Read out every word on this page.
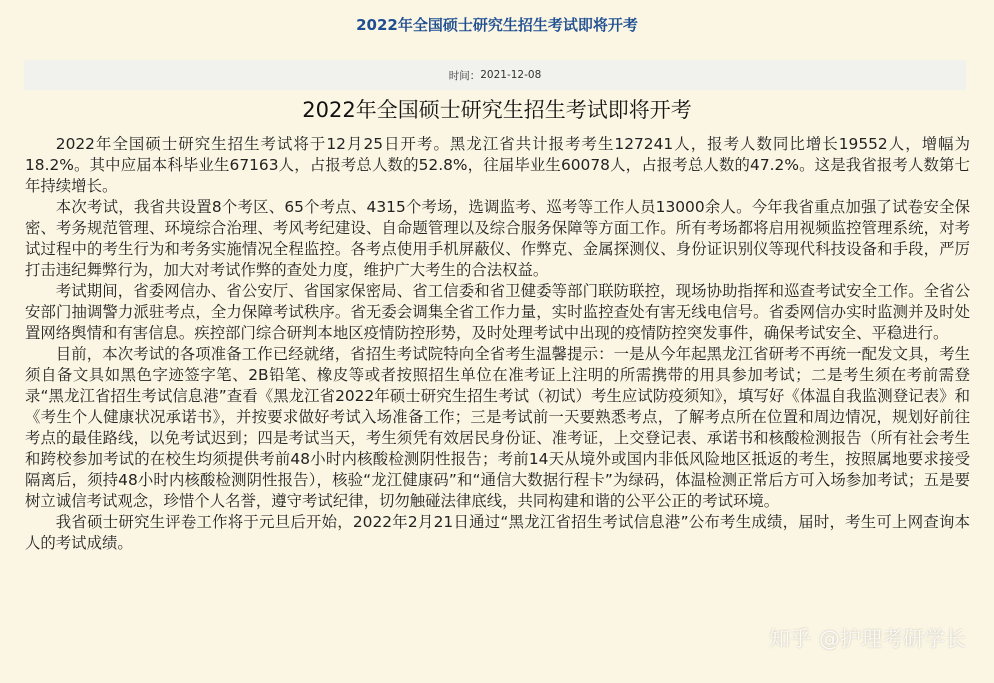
2022年全国硕士研究生招生考试即将开考
时间： 2021-12-08
2022年全国硕士研究生招生考试即将开考

2022年全国硕士研究生招生考试将于12月25日开考。黑龙江省共计报考考生127241人，报考人数同比增长19552人，增幅为18.2%。其中应届本科毕业生67163人，占报考总人数的52.8%，往届毕业生60078人，占报考总人数的47.2%。这是我省报考人数第七年持续增长。

本次考试，我省共设置8个考区、65个考点、4315个考场，选调监考、巡考等工作人员13000余人。今年我省重点加强了试卷安全保密、考务规范管理、环境综合治理、考风考纪建设、自命题管理以及综合服务保障等方面工作。所有考场都将启用视频监控管理系统，对考试过程中的考生行为和考务实施情况全程监控。各考点使用手机屏蔽仪、作弊克、金属探测仪、身份证识别仪等现代科技设备和手段，严厉打击违纪舞弊行为，加大对考试作弊的查处力度，维护广大考生的合法权益。

考试期间，省委网信办、省公安厅、省国家保密局、省工信委和省卫健委等部门联防联控，现场协助指挥和巡查考试安全工作。全省公安部门抽调警力派驻考点，全力保障考试秩序。省无委会调集全省工作力量，实时监控查处有害无线电信号。省委网信办实时监测并及时处置网络舆情和有害信息。疾控部门综合研判本地区疫情防控形势，及时处理考试中出现的疫情防控突发事件，确保考试安全、平稳进行。

目前，本次考试的各项准备工作已经就绪，省招生考试院特向全省考生温馨提示：一是从今年起黑龙江省研考不再统一配发文具，考生须自备文具如黑色字迹签字笔、2B铅笔、橡皮等或者按照招生单位在准考证上注明的所需携带的用具参加考试；二是考生须在考前需登录“黑龙江省招生考试信息港”查看《黑龙江省2022年硕士研究生招生考试（初试）考生应试防疫须知》，填写好《体温自我监测登记表》和《考生个人健康状况承诺书》，并按要求做好考试入场准备工作；三是考试前一天要熟悉考点，了解考点所在位置和周边情况，规划好前往考点的最佳路线，以免考试迟到；四是考试当天，考生须凭有效居民身份证、准考证，上交登记表、承诺书和核酸检测报告（所有社会考生和跨校参加考试的在校生均须提供考前48小时内核酸检测阴性报告；考前14天从境外或国内非低风险地区抵返的考生，按照属地要求接受隔离后，须持48小时内核酸检测阴性报告），核验“龙江健康码”和“通信大数据行程卡”为绿码，体温检测正常后方可入场参加考试；五是要树立诚信考试观念，珍惜个人名誉，遵守考试纪律，切勿触碰法律底线，共同构建和谐的公平公正的考试环境。

我省硕士研究生评卷工作将于元旦后开始，2022年2月21日通过“黑龙江省招生考试信息港”公布考生成绩，届时，考生可上网查询本人的考试成绩。

知乎 @护理考研学长
